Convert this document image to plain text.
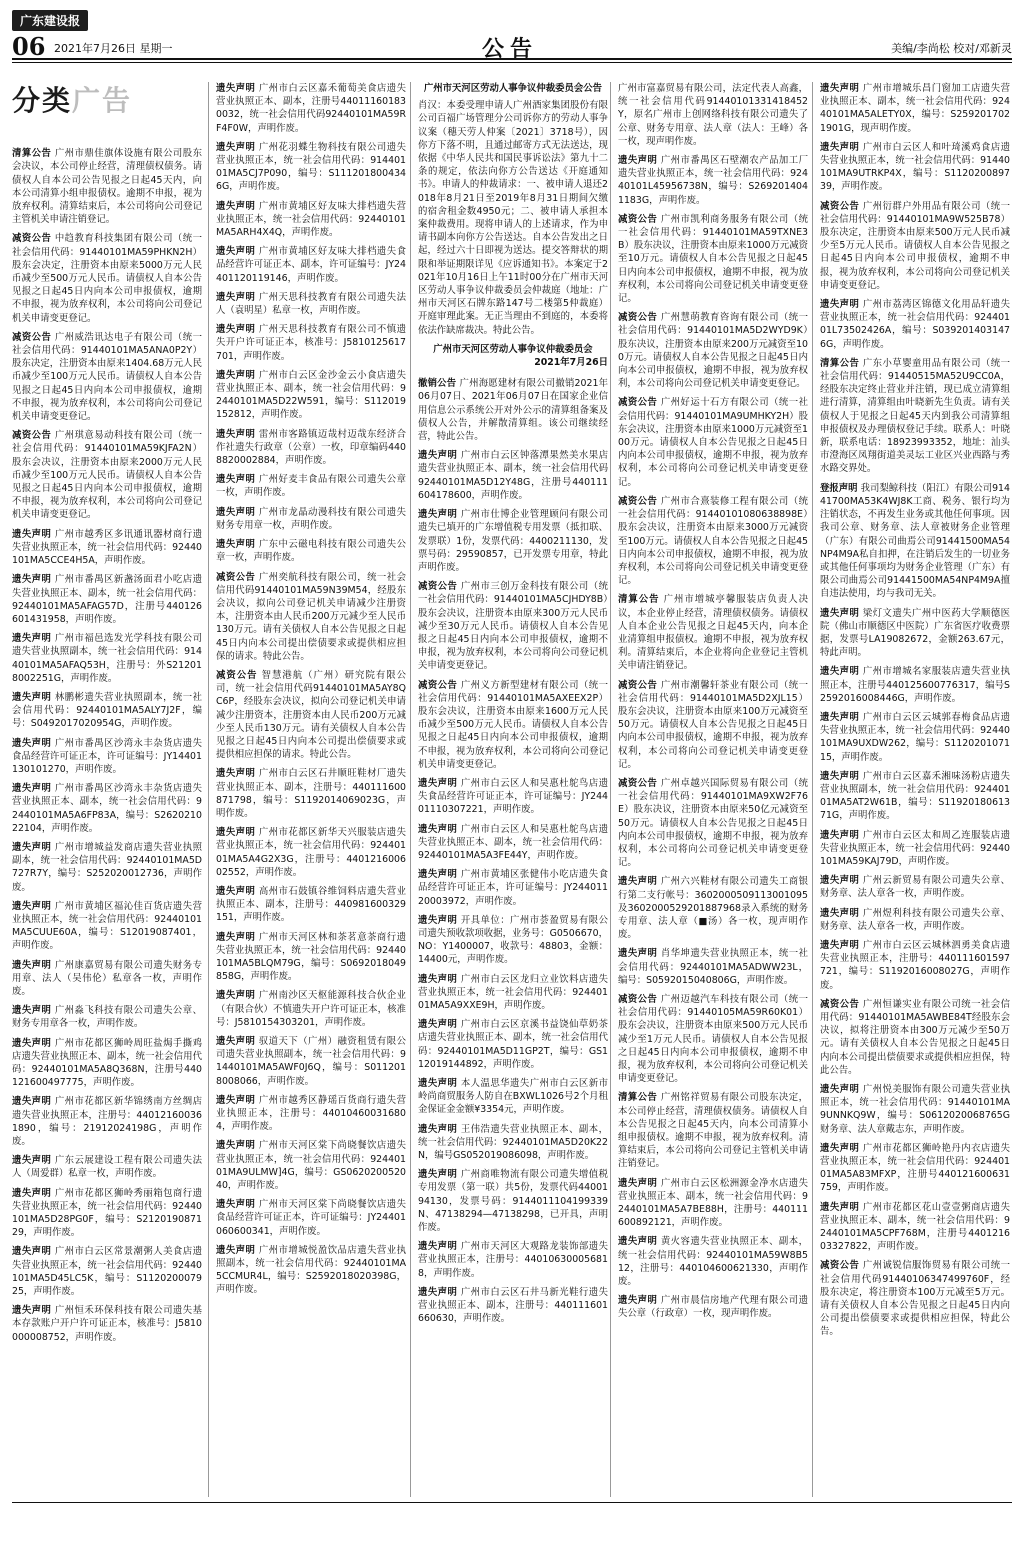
广东建设报
06 2021年7月26日 星期一	公告	美编/李尚松 校对/邓新灵
分类广告

清算公告 广州市鼎佳旗体设施有限公司股东会决议，本公司停止经营，清理债权债务。请债权人自本公司公告见报之日起45天内，向本公司清算小组申报债权。逾期不申报，视为放弃权利。清算结束后，本公司将向公司登记主管机关申请注销登记。

减资公告 中趋教育科技集团有限公司（统一社会信用代码：91440101MA59PHKN2H）股东会决定，注册资本由原来5000万元人民币减少至500万元人民币。请债权人自本公告见报之日起45日内向本公司申报债权，逾期不申报，视为放弃权利，本公司将向公司登记机关申请变更登记。

减资公告 广州威浩讯达电子有限公司（统一社会信用代码：91440101MA5ANA0P2Y）股东决定，注册资本由原来1404.68万元人民币减少至100万元人民币。请债权人自本公告见报之日起45日内向本公司申报债权，逾期不申报，视为放弃权利，本公司将向公司登记机关申请变更登记。

减资公告 广州琪意易动科技有限公司（统一社会信用代码：91440101MA59KJFA2N）股东会决议，注册资本由原来2000万元人民币减少至100万元人民币。请债权人自本公告见报之日起45日内向本公司申报债权，逾期不申报，视为放弃权利，本公司将向公司登记机关申请变更登记。

遗失声明 广州市越秀区多讯通讯器材商行遗失营业执照正本，统一社会信用代码：92440101MA5CCE4H5A，声明作废。

遗失声明 广州市番禺区新盏汤面君小吃店遗失营业执照正本、副本，统一社会信用代码：92440101MA5AFAG57D，注册号440126601431958，声明作废。

遗失声明 广州市福邑选发光学科技有限公司遗失营业执照副本，统一社会信用代码：91440101MA5AFAQ53H，注册号：外S212018002251G，声明作废。

遗失声明 林鹏彬遗失营业执照副本，统一社会信用代码：92440101MA5ALY7J2F，编号：S0492017020954G，声明作废。

遗失声明 广州市番禺区沙湾永丰杂货店遗失食品经营许可证正本，许可证编号：JY14401130101270，声明作废。

遗失声明 广州市番禺区沙湾永丰杂货店遗失营业执照正本、副本，统一社会信用代码：92440101MA5A6FP83A，编号：S262021022104，声明作废。

遗失声明 广州市增城益发商店遗失营业执照副本，统一社会信用代码：92440101MA5D727R7Y，编号：S252020012736，声明作废。

遗失声明 广州市黄埔区福沁佳百货店遗失营业执照正本，统一社会信用代码：92440101MA5CUUE60A，编号：S12019087401，声明作废。

遗失声明 广州康嘉贸易有限公司遗失财务专用章、法人（吴伟伦）私章各一枚，声明作废。

遗失声明 广州淼飞科技有限公司遗失公章、财务专用章各一枚，声明作废。

遗失声明 广州市花都区狮岭周旺盐焗手撕鸡店遗失营业执照正本、副本，统一社会信用代码：92440101MA5A8Q368N，注册号440121600497775，声明作废。

遗失声明 广州市花都区新华锦绣南方丝绸店遗失营业执照正本，注册号：440121600361890，编号：21912024198G，声明作废。

遗失声明 广东云展建设工程有限公司遗失法人（周爱群）私章一枚，声明作废。

遗失声明 广州市花都区狮岭秀丽箱包商行遗失营业执照正本，统一社会信用代码：92440101MA5D28PG0F，编号：S212019087129，声明作废。

遗失声明 广州市白云区常景潮粥人美食店遗失营业执照正本，统一社会信用代码：92440101MA5D45LC5K，编号：S112020007925，声明作废。

遗失声明 广州恒禾环保科技有限公司遗失基本存款账户开户许可证正本，核准号：J5810000008752，声明作废。

遗失声明 广州市白云区嘉禾葡萄美食店遗失营业执照正本、副本，注册号440111601830032，统一社会信用代码92440101MA59RF4F0W，声明作废。

遗失声明 广州花羽蝶生物科技有限公司遗失营业执照正本，统一社会信用代码：91440101MA5CJ7P090，编号：S1112018004346G，声明作废。

遗失声明 广州市黄埔区好友味大排档遗失营业执照正本，统一社会信用代码：92440101MA5ARH4X4Q，声明作废。

遗失声明 广州市黄埔区好友味大排档遗失食品经营许可证正本、副本，许可证编号：JY24401120119146，声明作废。

遗失声明 广州天思科技教育有限公司遗失法人（袁明星）私章一枚，声明作废。

遗失声明 广州天思科技教育有限公司不慎遗失开户许可证正本，核准号：J5810125617701，声明作废。

遗失声明 广州市白云区金沙金云小食店遗失营业执照正本、副本，统一社会信用代码：92440101MA5D22W591，编号：S112019152812，声明作废。

遗失声明 雷州市客路镇迈哉村迈哉东经济合作社遗失行政章（公章）一枚，印章编码4408820002884，声明作废。

遗失声明 广州好麦丰食品有限公司遗失公章一枚，声明作废。

遗失声明 广州市龙晶动漫科技有限公司遗失财务专用章一枚，声明作废。

遗失声明 广东中云磁电科技有限公司遗失公章一枚，声明作废。

减资公告 广州奕航科技有限公司，统一社会信用代码91440101MA59N39M54，经股东会决议，拟向公司登记机关申请减少注册资本，注册资本由人民币200万元减少至人民币130万元。请有关债权人自本公告见报之日起45日内向本公司提出偿债要求或提供相应担保的请求。特此公告。

减资公告 智慧港航（广州）研究院有限公司，统一社会信用代码91440101MA5AY8QC6P，经股东会决议，拟向公司登记机关申请减少注册资本，注册资本由人民币200万元减少至人民币130万元。请有关债权人自本公告见报之日起45日内向本公司提出偿债要求或提供相应担保的请求。特此公告。

遗失声明 广州市白云区石井顺旺鞋材厂遗失营业执照正本、副本，注册号：440111600871798，编号：S1192014069023G，声明作废。

遗失声明 广州市花都区新华天兴服装店遗失营业执照正本，统一社会信用代码：92440101MA5A4G2X3G，注册号：440121600602552，声明作废。

遗失声明 高州市石鼓镇谷维饲料店遗失营业执照正本、副本，注册号：440981600329151，声明作废。

遗失声明 广州市天河区林和茶茗意茶商行遗失营业执照正本，统一社会信用代码：92440101MA5BLQM79G，编号：S0692018049858G，声明作废。

遗失声明 广州南沙区天枢能源科技合伙企业（有限合伙）不慎遗失开户许可证正本，核准号：J5810154303201，声明作废。

遗失声明 驭道天下（广州）融资租赁有限公司遗失营业执照副本，统一社会信用代码：91440101MA5AWF0J6Q，编号：S0112018008066，声明作废。

遗失声明 广州市越秀区静瑶百货商行遗失营业执照正本，注册号：440104600316804，声明作废。

遗失声明 广州市天河区棠下尚晓餐饮店遗失营业执照正本，统一社会信用代码：92440101MA9ULMW]4G，编号：GS062020052040，声明作废。

遗失声明 广州市天河区棠下尚晓餐饮店遗失食品经营许可证正本，许可证编号：JY24401060600341，声明作废。

遗失声明 广州市增城悦盈饮品店遗失营业执照副本，统一社会信用代码：92440101MA5CCMUR4L，编号：S2592018020398G，声明作废。

广州市天河区劳动人事争议仲裁委员会公告

肖汉：本委受理申请人广州酒家集团股份有限公司百福广场管理分公司诉你方的劳动人事争议案（穗天劳人仲案〔2021〕3718号），因你方下落不明，且通过邮寄方式无法送达，现依据《中华人民共和国民事诉讼法》第九十二条的规定，依法向你方公告送达《开庭通知书》。申请人的仲裁请求：一、被申请人退还2018年8月21日至2019年8月31日期间欠缴的宿舍租金数4950元；二、被申请人承担本案仲裁费用。现将申请人的上述请求，作为申请书副本向你方公告送达。自本公告发出之日起，经过六十日即视为送达。提交答辩状的期限和举证期限详见《应诉通知书》。本案定于2021年10月16日上午11时00分在广州市天河区劳动人事争议仲裁委员会仲裁庭（地址：广州市天河区石牌东路147号二楼第5仲裁庭）开庭审理此案。无正当理由不到庭的，本委将依法作缺席裁决。特此公告。

广州市天河区劳动人事争议仲裁委员会
2021年7月26日

撤销公告 广州海愿建材有限公司撤销2021年06月07日、2021年06月07日在国家企业信用信息公示系统公开对外公示的清算组备案及债权人公告，并解散清算组。该公司继续经营，特此公告。

遗失声明 广州市白云区钟落潭果然美水果店遗失营业执照正本、副本，统一社会信用代码92440101MA5D12Y48G，注册号440111604178600，声明作废。

遗失声明 广州市仕博企业管理顾问有限公司遗失已填开的广东增值税专用发票（抵扣联、发票联）1份，发票代码：4400211130，发票号码：29590857，已开发票专用章，特此声明作废。

减资公告 广州市三创万金科技有限公司（统一社会信用代码：91440101MA5CJHDY8B）股东会决议，注册资本由原来300万元人民币减少至30万元人民币。请债权人自本公告见报之日起45日内向本公司申报债权，逾期不申报，视为放弃权利，本公司将向公司登记机关申请变更登记。

减资公告 广州义方新型建材有限公司（统一社会信用代码：91440101MA5AXEEX2P）股东会决议，注册资本由原来1600万元人民币减少至500万元人民币。请债权人自本公告见报之日起45日内向本公司申报债权，逾期不申报，视为放弃权利，本公司将向公司登记机关申请变更登记。

遗失声明 广州市白云区人和吴惠杜鸵鸟店遗失食品经营许可证正本，许可证编号：JY24401110307221，声明作废。

遗失声明 广州市白云区人和吴惠杜鸵鸟店遗失营业执照正本、副本，统一社会信用代码：92440101MA5A3FE44Y，声明作废。

遗失声明 广州市黄埔区张健伟小吃店遗失食品经营许可证正本，许可证编号：JY24401120003972，声明作废。

遗失声明 开具单位：广州市荟盈贸易有限公司遗失预收款项收据，业务号：G0506670，NO：Y1400007，收款号：48803，金额：14400元，声明作废。

遗失声明 广州市白云区龙归立业饮料店遗失营业执照正本，统一社会信用代码：92440101MA5A9XXE9H，声明作废。

遗失声明 广州市白云区京溪书益饶仙草奶茶店遗失营业执照正本、副本，统一社会信用代码：92440101MA5D11GP2T，编号：GS112019144892，声明作废。

遗失声明 本人温思华遗失广州市白云区新市岭尚商贸服务人防自在BXWL1026号2个月租金保证金金额¥3354元，声明作废。

遗失声明 王伟浩遗失营业执照正本、副本，统一社会信用代码：92440101MA5D20K22N，编号GS052019086098，声明作废。

遗失声明 广州商唯物流有限公司遗失增值税专用发票（第一联）共5份，发票代码4400194130，发票号码：9144011104199339N、47138294—47138298，已开具，声明作废。

遗失声明 广州市天河区大观路龙装饰部遗失营业执照正本，注册号：440106300056818，声明作废。

遗失声明 广州市白云区石井马新光鞋行遗失营业执照正本、副本，注册号：440111601660630，声明作废。

广州市富嘉贸易有限公司，法定代表人高鑫，统一社会信用代码91440101331418452Y，原名广州市上创网络科技有限公司遗失了公章、财务专用章、法人章（法人：王峰）各一枚，现声明作废。

遗失声明 广州市番禺区石壁潮农产品加工厂遗失营业执照正本，统一社会信用代码：92440101L45956738N，编号：S2692014041183G，声明作废。

减资公告 广州市凯利商务服务有限公司（统一社会信用代码：91440101MA59TXNE3B）股东决议，注册资本由原来1000万元减资至10万元。请债权人自本公告见报之日起45日内向本公司申报债权，逾期不申报，视为放弃权利，本公司将向公司登记机关申请变更登记。

减资公告 广州慧萌教育咨询有限公司（统一社会信用代码：91440101MA5D2WYD9K）股东决议，注册资本由原来200万元减资至100万元。请债权人自本公告见报之日起45日内向本公司申报债权，逾期不申报，视为放弃权利，本公司将向公司登记机关申请变更登记。

减资公告 广州好运十石方有限公司（统一社会信用代码：91440101MA9UMHKY2H）股东会决议，注册资本由原来1000万元减资至100万元。请债权人自本公告见报之日起45日内向本公司申报债权，逾期不申报，视为放弃权利，本公司将向公司登记机关申请变更登记。

减资公告 广州市合熹装修工程有限公司（统一社会信用代码：91440101080638898E）股东会决议，注册资本由原来3000万元减资至100万元。请债权人自本公告见报之日起45日内向本公司申报债权，逾期不申报，视为放弃权利，本公司将向公司登记机关申请变更登记。

清算公告 广州市增城亭馨服装店负责人决议，本企业停止经营，清理债权债务。请债权人自本企业公告见报之日起45天内，向本企业清算组申报债权。逾期不申报，视为放弃权利。清算结束后，本企业将向企业登记主管机关申请注销登记。

减资公告 广州市潮馨轩茶业有限公司（统一社会信用代码：91440101MA5D2XJL15）股东会决议，注册资本由原来100万元减资至50万元。请债权人自本公告见报之日起45日内向本公司申报债权，逾期不申报，视为放弃权利，本公司将向公司登记机关申请变更登记。

减资公告 广州卓越兴国际贸易有限公司（统一社会信用代码：91440101MA9XW2F76E）股东决议，注册资本由原来50亿元减资至50万元。请债权人自本公告见报之日起45日内向本公司申报债权，逾期不申报，视为放弃权利，本公司将向公司登记机关申请变更登记。

遗失声明 广州六兴鞋材有限公司遗失工商银行第二支行帐号：3602000509113001095及3602000529201887968录入系统的财务专用章、法人章（■汤）各一枚，现声明作废。

遗失声明 肖华坤遗失营业执照正本，统一社会信用代码：92440101MA5ADWW23L，编号：S0592015040806G，声明作废。

减资公告 广州迈越汽车科技有限公司（统一社会信用代码：91440105MA59R60K01）股东会决议，注册资本由原来500万元人民币减少至1万元人民币。请债权人自本公告见报之日起45日内向本公司申报债权，逾期不申报，视为放弃权利，本公司将向公司登记机关申请变更登记。

清算公告 广州铭祥贸易有限公司股东决定，本公司停止经营，清理债权债务。请债权人自本公告见报之日起45天内，向本公司清算小组申报债权。逾期不申报，视为放弃权利。清算结束后，本公司将向公司登记主管机关申请注销登记。

遗失声明 广州市白云区松洲源金净水店遗失营业执照正本、副本，统一社会信用代码：92440101MA5A7BE88H，注册号：440111600892121，声明作废。

遗失声明 黄火容遗失营业执照正本、副本，统一社会信用代码：92440101MA59W8B512，注册号：440104600621330，声明作废。

遗失声明 广州市晨信房地产代理有限公司遗失公章（行政章）一枚，现声明作废。

遗失声明 广州市增城乐昌门窗加工店遗失营业执照正本、副本，统一社会信用代码：92440101MA5ALETY0X，编号：S2592017021901G，现声明作废。

遗失声明 广州市白云区人和叶琦溪鸡食店遗失营业执照正本，统一社会信用代码：91440101MA9UTRKP4X，编号：S112020089739，声明作废。

减资公告 广州衍群户外用品有限公司（统一社会信用代码：91440101MA9W525B78）股东决定，注册资本由原来500万元人民币减少至5万元人民币。请债权人自本公告见报之日起45日内向本公司申报债权，逾期不申报，视为放弃权利，本公司将向公司登记机关申请变更登记。

遗失声明 广州市荔湾区锦德文化用品轩遗失营业执照正本，统一社会信用代码：92440101L73502426A，编号：S0392014031476G，声明作废。

清算公告 广东小草婴童用品有限公司（统一社会信用代码：91440515MA52U9CC0A，经股东决定终止营业并注销，现已成立清算组进行清算，清算组由叶晓新先生负责。请有关债权人于见报之日起45天内到我公司清算组申报债权及办理债权登记手续。联系人：叶晓新，联系电话：18923993352，地址：汕头市澄海区凤翔街道美灵坛工业区兴业西路与秀水路交界处。

登报声明 我司梨鲸科技（阳江）有限公司91441700MA53K4WJ8K工商、税务、银行均为注销状态，不再发生业务或其他任何事项。因我司公章、财务章、法人章被财务企业管理（广东）有限公司曲焉公司91441500MA54NP4M9A私自扣押，在注销后发生的一切业务或其他任何事项均为财务企业管理（广东）有限公司曲焉公司91441500MA54NP4M9A擅自违法使用，均与我司无关。

遗失声明 梁灯文遗失广州中医药大学顺德医院（佛山市顺德区中医院）广东省医疗收费票据，发票号LA19082672，金额263.67元，特此声明。

遗失声明 广州市增城名家服装店遗失营业执照正本，注册号440125600776317，编号S2592016008446G，声明作废。

遗失声明 广州市白云区云城郭春梅食品店遗失营业执照正本，统一社会信用代码：92440101MA9UXDW262，编号：S112020107115，声明作废。

遗失声明 广州市白云区嘉禾湘味汤粉店遗失营业执照副本，统一社会信用代码：92440101MA5AT2W61B，编号：S1192018061371G，声明作废。

遗失声明 广州市白云区太和周乙连服装店遗失营业执照正本，统一社会信用代码：92440101MA59KAJ79D，声明作废。

遗失声明 广州云新贸易有限公司遗失公章、财务章、法人章各一枚，声明作废。

遗失声明 广州煜利科技有限公司遗失公章、财务章、法人章各一枚，声明作废。

遗失声明 广州市白云区云城林泗勇美食店遗失营业执照正本，注册号：440111601597721，编号：S1192016008027G，声明作废。

减资公告 广州恒谦实业有限公司统一社会信用代码：91440101MA5AWBE84T经股东会决议，拟将注册资本由300万元减少至50万元。请有关债权人自本公告见报之日起45日内向本公司提出偿债要求或提供相应担保，特此公告。

遗失声明 广州悦美服饰有限公司遗失营业执照正本，统一社会信用代码：91440101MA9UNNKQ9W，编号：S0612020068765G财务章、法人章戴志东，声明作废。

遗失声明 广州市花都区狮岭艳丹内衣店遗失营业执照正本，统一社会信用代码：92440101MA5A83MFXP，注册号440121600631759，声明作废。

遗失声明 广州市花都区花山壹壹粥商店遗失营业执照正本、副本，统一社会信用代码：92440101MA5CPF768M，注册号440121603327822，声明作废。

减资公告 广州诚锐信服饰贸易有限公司统一社会信用代码914401063474997​60F，经股东决定，将注册资本100万元减至5万元。请有关债权人自本公告见报之日起45日内向公司提出偿债要求或提供相应担保，特此公告。
